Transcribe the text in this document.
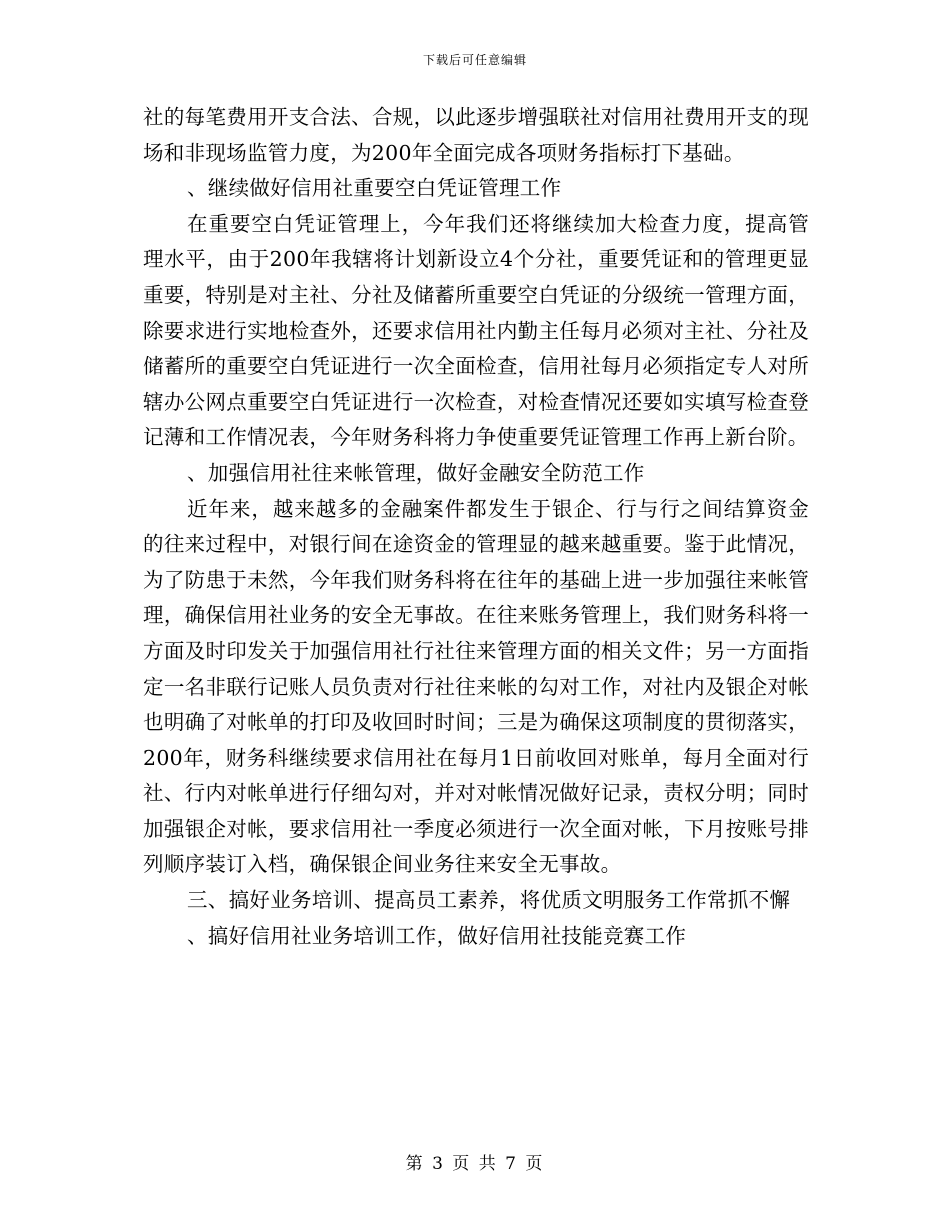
下载后可任意编辑

社的每笔费用开支合法、合规，以此逐步增强联社对信用社费用开支的现场和非现场监管力度，为200年全面完成各项财务指标打下基础。

、继续做好信用社重要空白凭证管理工作

在重要空白凭证管理上，今年我们还将继续加大检查力度，提高管理水平，由于200年我辖将计划新设立4个分社，重要凭证和的管理更显重要，特别是对主社、分社及储蓄所重要空白凭证的分级统一管理方面，除要求进行实地检查外，还要求信用社内勤主任每月必须对主社、分社及储蓄所的重要空白凭证进行一次全面检查，信用社每月必须指定专人对所辖办公网点重要空白凭证进行一次检查，对检查情况还要如实填写检查登记薄和工作情况表，今年财务科将力争使重要凭证管理工作再上新台阶。

、加强信用社往来帐管理，做好金融安全防范工作

近年来，越来越多的金融案件都发生于银企、行与行之间结算资金的往来过程中，对银行间在途资金的管理显的越来越重要。鉴于此情况，为了防患于未然，今年我们财务科将在往年的基础上进一步加强往来帐管理，确保信用社业务的安全无事故。在往来账务管理上，我们财务科将一方面及时印发关于加强信用社行社往来管理方面的相关文件；另一方面指定一名非联行记账人员负责对行社往来帐的勾对工作，对社内及银企对帐也明确了对帐单的打印及收回时时间；三是为确保这项制度的贯彻落实，200年，财务科继续要求信用社在每月1日前收回对账单，每月全面对行社、行内对帐单进行仔细勾对，并对对帐情况做好记录，责权分明；同时加强银企对帐，要求信用社一季度必须进行一次全面对帐，下月按账号排列顺序装订入档，确保银企间业务往来安全无事故。

三、搞好业务培训、提高员工素养，将优质文明服务工作常抓不懈

、搞好信用社业务培训工作，做好信用社技能竞赛工作

第 3 页 共 7 页
